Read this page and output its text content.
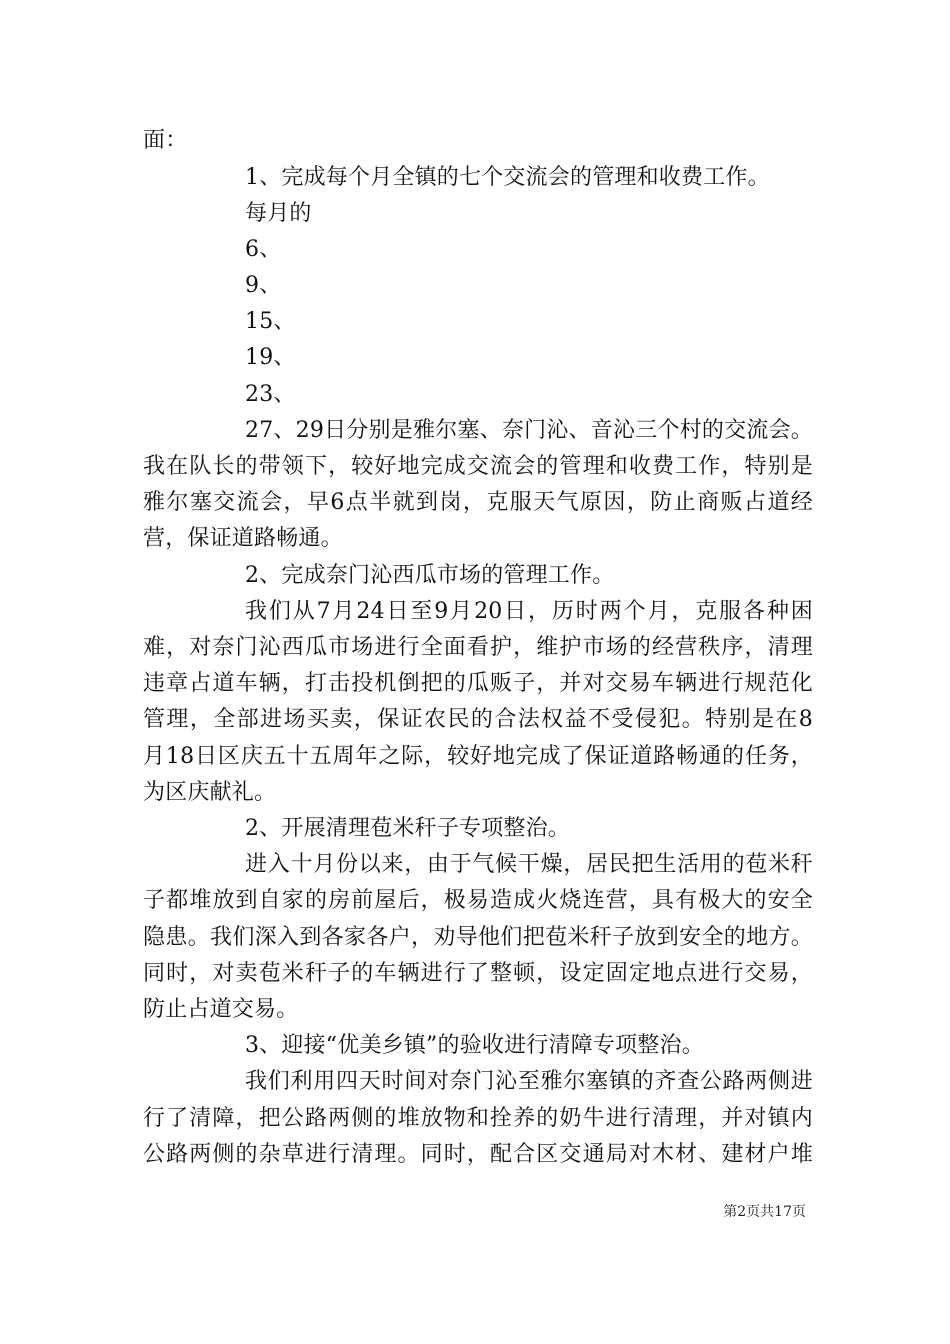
面：
1、完成每个月全镇的七个交流会的管理和收费工作。
每月的
6、
9、
15、
19、
23、
27、29日分别是雅尔塞、奈门沁、音沁三个村的交流会。
我在队长的带领下，较好地完成交流会的管理和收费工作，特别是
雅尔塞交流会，早6点半就到岗，克服天气原因，防止商贩占道经
营，保证道路畅通。
2、完成奈门沁西瓜市场的管理工作。
我们从7月24日至9月20日，历时两个月，克服各种困
难，对奈门沁西瓜市场进行全面看护，维护市场的经营秩序，清理
违章占道车辆，打击投机倒把的瓜贩子，并对交易车辆进行规范化
管理，全部进场买卖，保证农民的合法权益不受侵犯。特别是在8
月18日区庆五十五周年之际，较好地完成了保证道路畅通的任务，
为区庆献礼。
2、开展清理苞米秆子专项整治。
进入十月份以来，由于气候干燥，居民把生活用的苞米秆
子都堆放到自家的房前屋后，极易造成火烧连营，具有极大的安全
隐患。我们深入到各家各户，劝导他们把苞米秆子放到安全的地方。
同时，对卖苞米秆子的车辆进行了整顿，设定固定地点进行交易，
防止占道交易。
3、迎接“优美乡镇”的验收进行清障专项整治。
我们利用四天时间对奈门沁至雅尔塞镇的齐查公路两侧进
行了清障，把公路两侧的堆放物和拴养的奶牛进行清理，并对镇内
公路两侧的杂草进行清理。同时，配合区交通局对木材、建材户堆
第2页共17页
